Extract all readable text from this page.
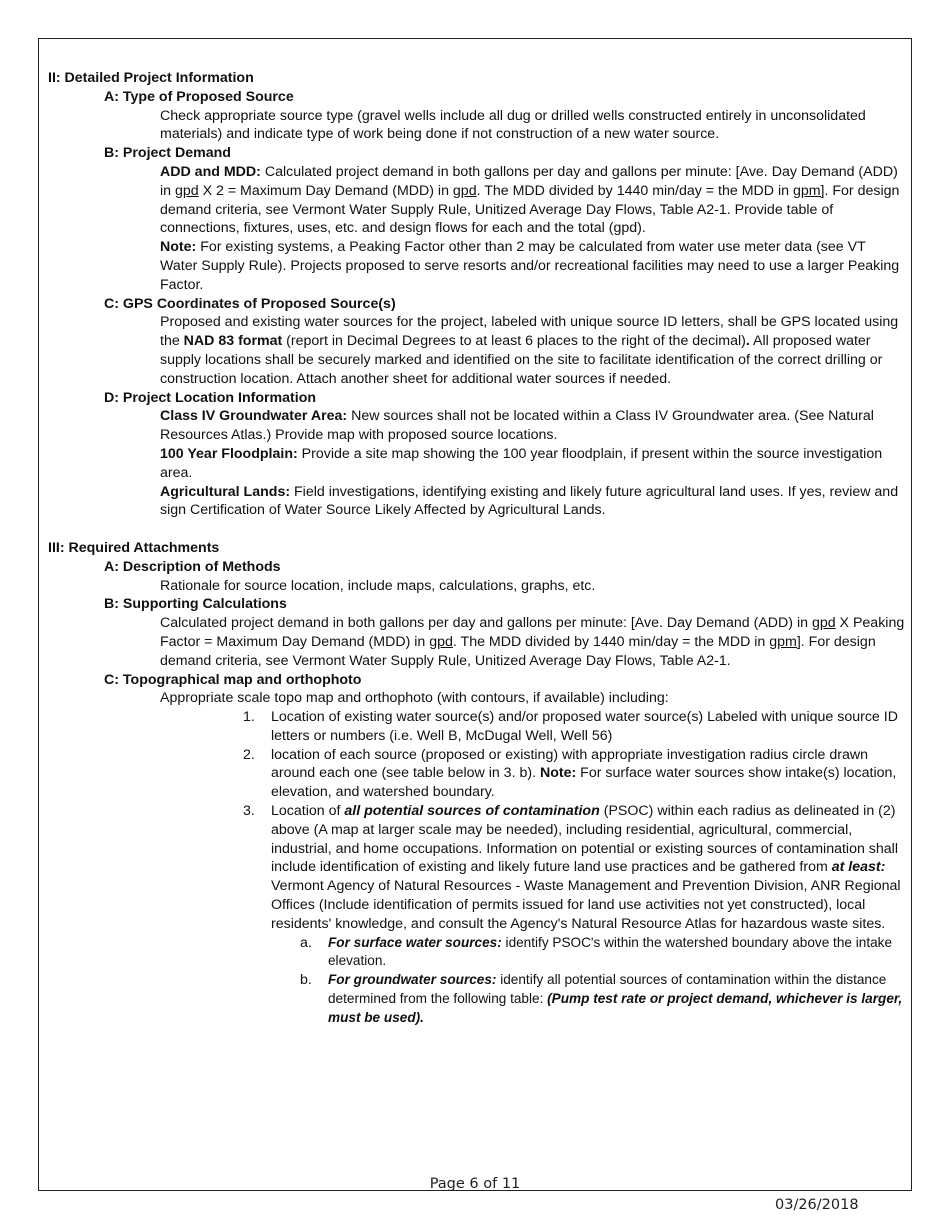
II: Detailed Project Information

A: Type of Proposed Source

Check appropriate source type (gravel wells include all dug or drilled wells constructed entirely in unconsolidated materials) and indicate type of work being done if not construction of a new water source.

B: Project Demand

ADD and MDD: Calculated project demand in both gallons per day and gallons per minute: [Ave. Day Demand (ADD) in gpd X 2 = Maximum Day Demand (MDD) in gpd. The MDD divided by 1440 min/day = the MDD in gpm]. For design demand criteria, see Vermont Water Supply Rule, Unitized Average Day Flows, Table A2-1. Provide table of connections, fixtures, uses, etc. and design flows for each and the total (gpd).

Note: For existing systems, a Peaking Factor other than 2 may be calculated from water use meter data (see VT Water Supply Rule). Projects proposed to serve resorts and/or recreational facilities may need to use a larger Peaking Factor.

C: GPS Coordinates of Proposed Source(s)

Proposed and existing water sources for the project, labeled with unique source ID letters, shall be GPS located using the NAD 83 format (report in Decimal Degrees to at least 6 places to the right of the decimal). All proposed water supply locations shall be securely marked and identified on the site to facilitate identification of the correct drilling or construction location. Attach another sheet for additional water sources if needed.

D: Project Location Information

Class IV Groundwater Area: New sources shall not be located within a Class IV Groundwater area. (See Natural Resources Atlas.) Provide map with proposed source locations.

100 Year Floodplain: Provide a site map showing the 100 year floodplain, if present within the source investigation area.

Agricultural Lands: Field investigations, identifying existing and likely future agricultural land uses. If yes, review and sign Certification of Water Source Likely Affected by Agricultural Lands.

III: Required Attachments

A: Description of Methods

Rationale for source location, include maps, calculations, graphs, etc.

B: Supporting Calculations

Calculated project demand in both gallons per day and gallons per minute: [Ave. Day Demand (ADD) in gpd X Peaking Factor = Maximum Day Demand (MDD) in gpd. The MDD divided by 1440 min/day = the MDD in gpm]. For design demand criteria, see Vermont Water Supply Rule, Unitized Average Day Flows, Table A2-1.

C: Topographical map and orthophoto

Appropriate scale topo map and orthophoto (with contours, if available) including:

1. Location of existing water source(s) and/or proposed water source(s) Labeled with unique source ID letters or numbers (i.e. Well B, McDugal Well, Well 56)
2. location of each source (proposed or existing) with appropriate investigation radius circle drawn around each one (see table below in 3. b). Note: For surface water sources show intake(s) location, elevation, and watershed boundary.
3. Location of all potential sources of contamination (PSOC) within each radius as delineated in (2) above (A map at larger scale may be needed), including residential, agricultural, commercial, industrial, and home occupations. Information on potential or existing sources of contamination shall include identification of existing and likely future land use practices and be gathered from at least: Vermont Agency of Natural Resources - Waste Management and Prevention Division, ANR Regional Offices (Include identification of permits issued for land use activities not yet constructed), local residents' knowledge, and consult the Agency's Natural Resource Atlas for hazardous waste sites.
a. For surface water sources: identify PSOC's within the watershed boundary above the intake elevation.
b. For groundwater sources: identify all potential sources of contamination within the distance determined from the following table: (Pump test rate or project demand, whichever is larger, must be used).
Page 6 of 11
03/26/2018
